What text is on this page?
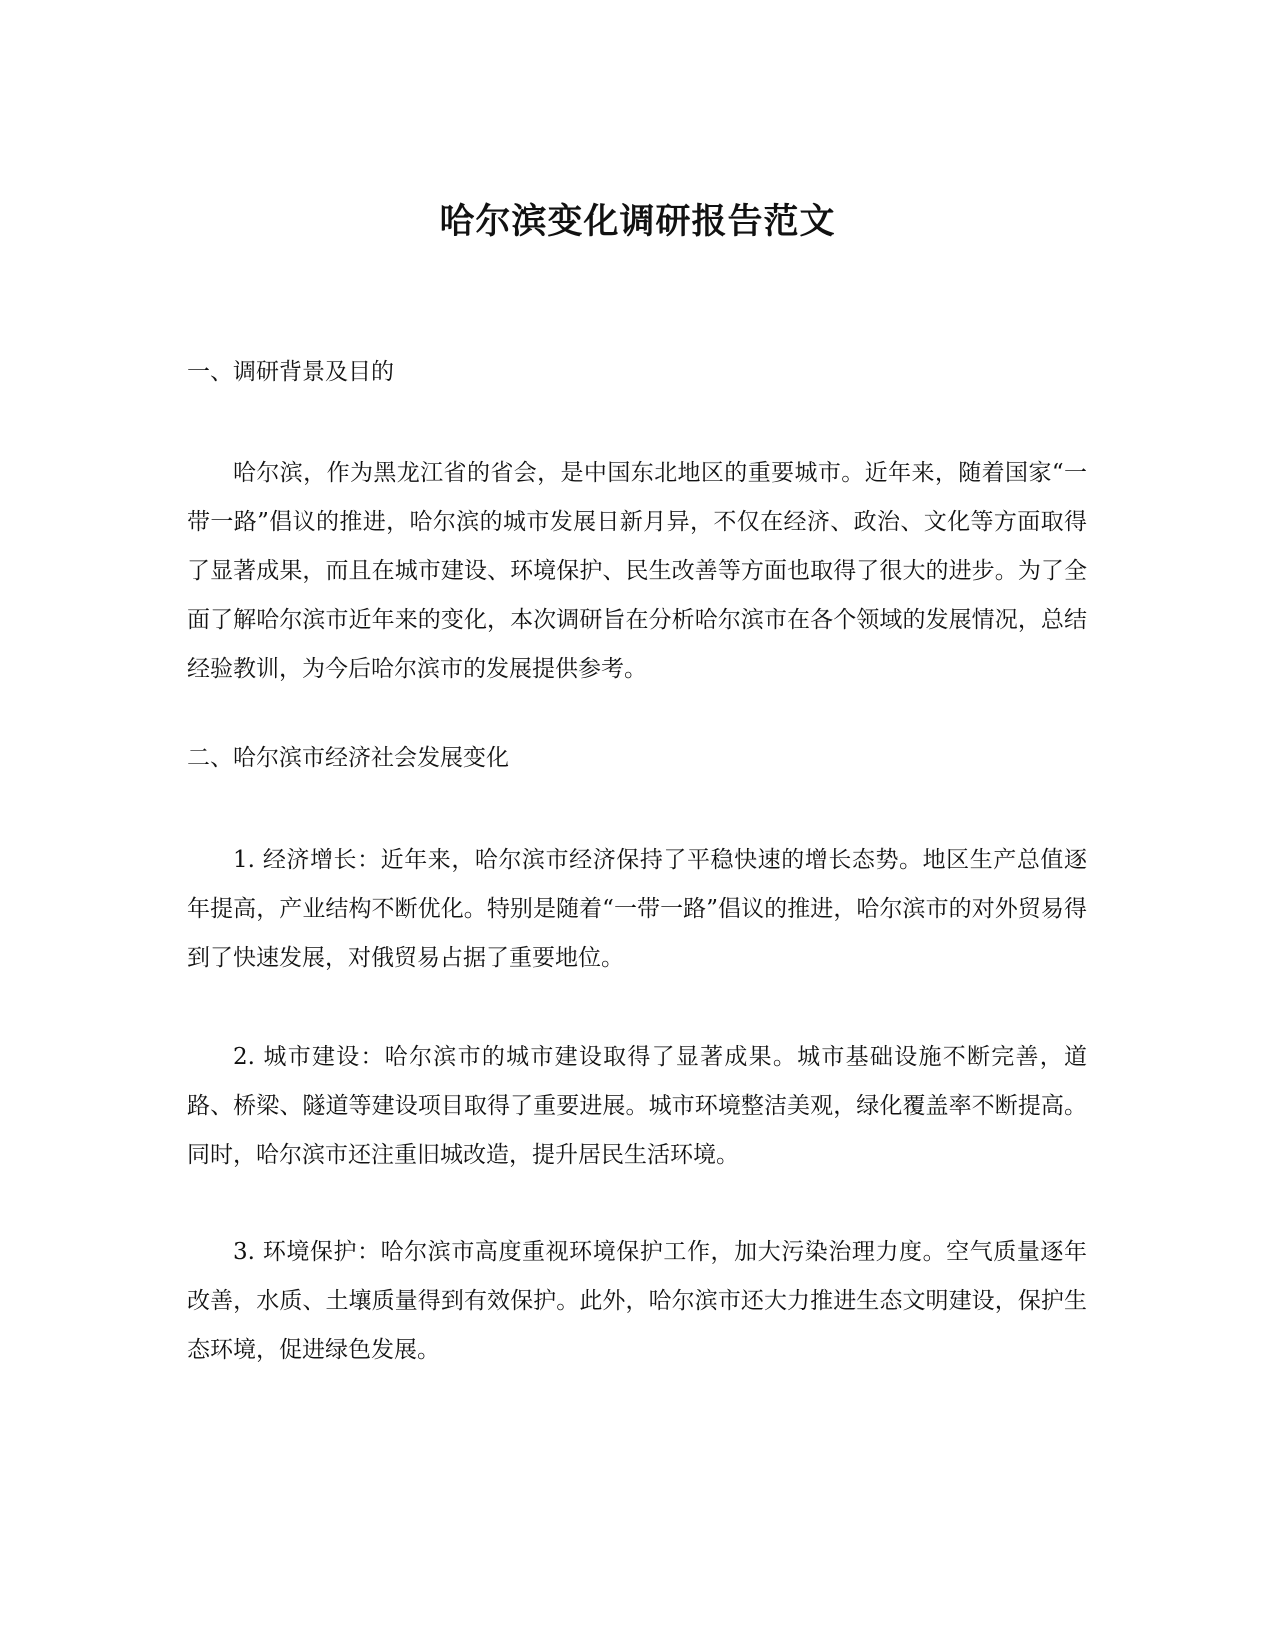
哈尔滨变化调研报告范文
一、调研背景及目的

哈尔滨，作为黑龙江省的省会，是中国东北地区的重要城市。近年来，随着国家“一带一路”倡议的推进，哈尔滨的城市发展日新月异，不仅在经济、政治、文化等方面取得了显著成果，而且在城市建设、环境保护、民生改善等方面也取得了很大的进步。为了全面了解哈尔滨市近年来的变化，本次调研旨在分析哈尔滨市在各个领域的发展情况，总结经验教训，为今后哈尔滨市的发展提供参考。

二、哈尔滨市经济社会发展变化

1. 经济增长：近年来，哈尔滨市经济保持了平稳快速的增长态势。地区生产总值逐年提高，产业结构不断优化。特别是随着“一带一路”倡议的推进，哈尔滨市的对外贸易得到了快速发展，对俄贸易占据了重要地位。

2. 城市建设：哈尔滨市的城市建设取得了显著成果。城市基础设施不断完善，道路、桥梁、隧道等建设项目取得了重要进展。城市环境整洁美观，绿化覆盖率不断提高。同时，哈尔滨市还注重旧城改造，提升居民生活环境。

3. 环境保护：哈尔滨市高度重视环境保护工作，加大污染治理力度。空气质量逐年改善，水质、土壤质量得到有效保护。此外，哈尔滨市还大力推进生态文明建设，保护生态环境，促进绿色发展。
